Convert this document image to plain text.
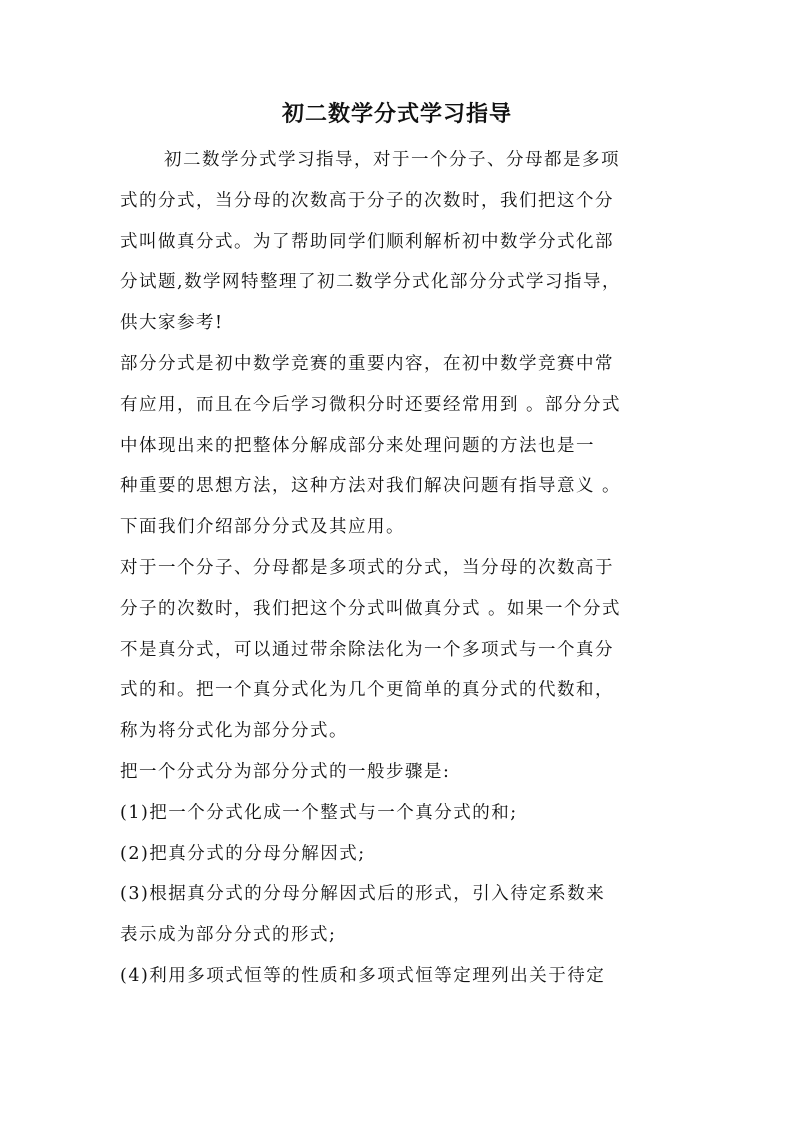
初二数学分式学习指导
初二数学分式学习指导，对于一个分子、分母都是多项
式的分式，当分母的次数高于分子的次数时，我们把这个分
式叫做真分式。为了帮助同学们顺利解析初中数学分式化部
分试题,数学网特整理了初二数学分式化部分分式学习指导，
供大家参考!
部分分式是初中数学竞赛的重要内容，在初中数学竞赛中常
有应用，而且在今后学习微积分时还要经常用到 。部分分式
中体现出来的把整体分解成部分来处理问题的方法也是一
种重要的思想方法，这种方法对我们解决问题有指导意义 。
下面我们介绍部分分式及其应用。
对于一个分子、分母都是多项式的分式，当分母的次数高于
分子的次数时，我们把这个分式叫做真分式 。如果一个分式
不是真分式，可以通过带余除法化为一个多项式与一个真分
式的和。把一个真分式化为几个更简单的真分式的代数和，
称为将分式化为部分分式。
把一个分式分为部分分式的一般步骤是:
(1)把一个分式化成一个整式与一个真分式的和;
(2)把真分式的分母分解因式;
(3)根据真分式的分母分解因式后的形式，引入待定系数来
表示成为部分分式的形式;
(4)利用多项式恒等的性质和多项式恒等定理列出关于待定
